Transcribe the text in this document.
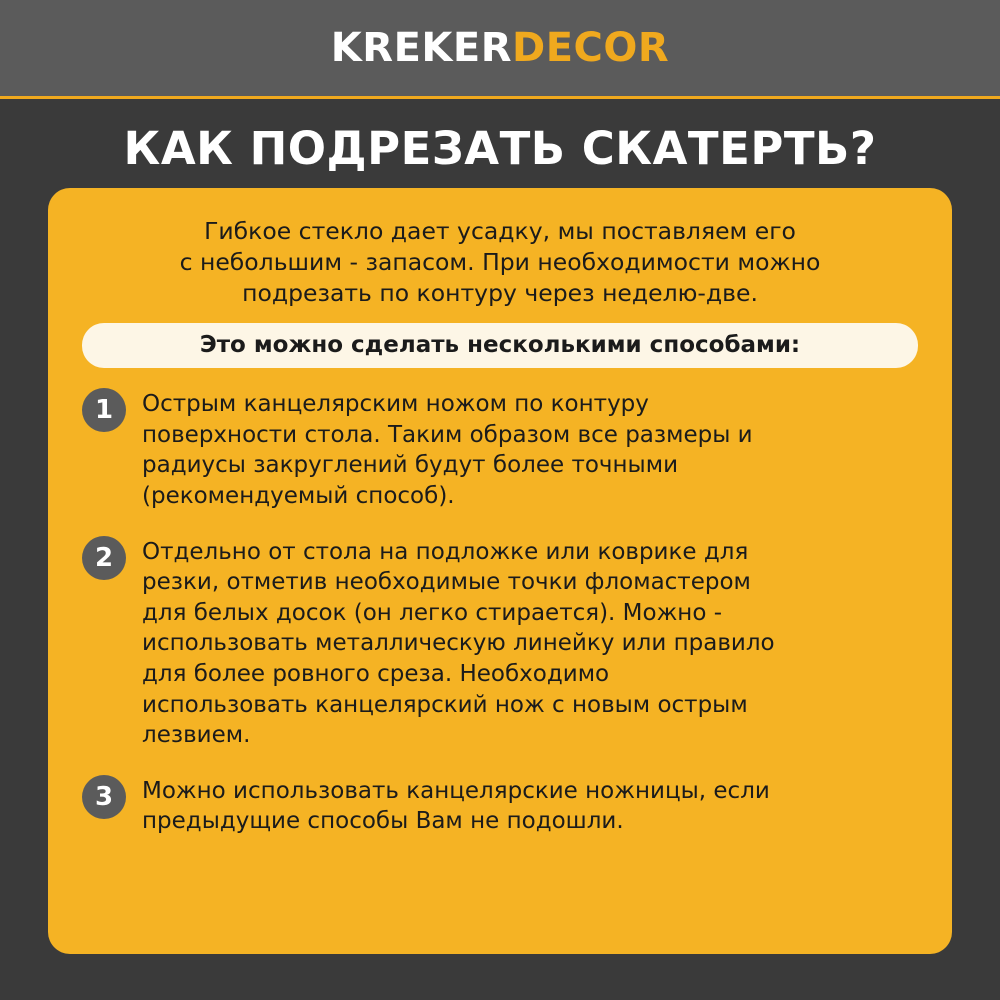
KREKERDECOR
КАК ПОДРЕЗАТЬ СКАТЕРТЬ?
Гибкое стекло дает усадку, мы поставляем его
с небольшим - запасом. При необходимости можно
подрезать по контуру через неделю-две.
Это можно сделать несколькими способами:
1	Острым канцелярским ножом по контуру
поверхности стола. Таким образом все размеры и
радиусы закруглений будут более точными
(рекомендуемый способ).
2	Отдельно от стола на подложке или коврике для
резки, отметив необходимые точки фломастером
для белых досок (он легко стирается). Можно -
использовать металлическую линейку или правило
для более ровного среза. Необходимо
использовать канцелярский нож с новым острым
лезвием.
3	Можно использовать канцелярские ножницы, если
предыдущие способы Вам не подошли.
